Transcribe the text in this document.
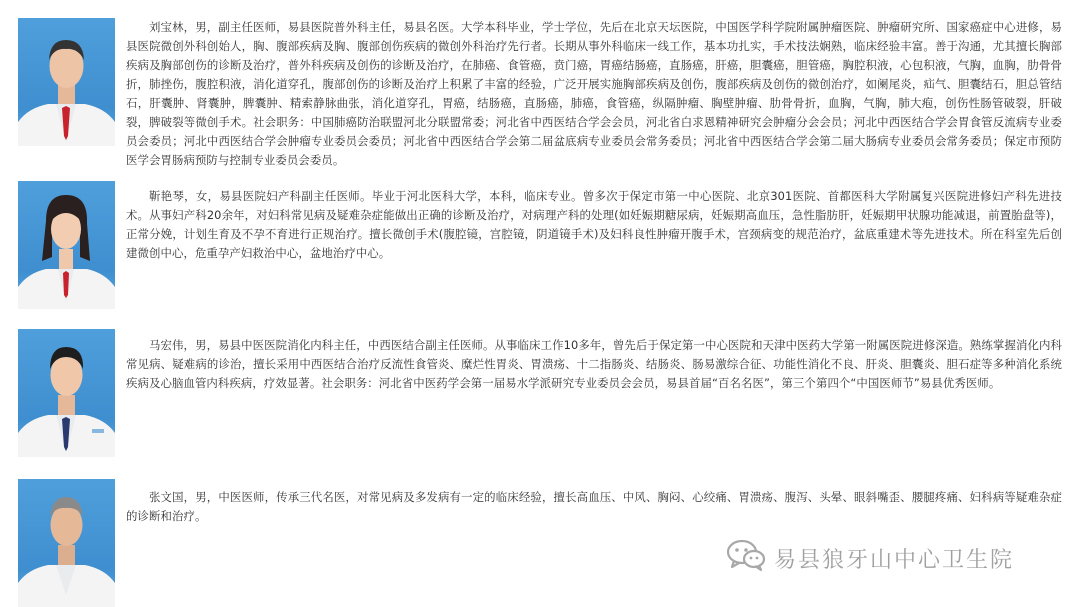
刘宝林，男，副主任医师，易县医院普外科主任，易县名医。大学本科毕业，学士学位，先后在北京天坛医院，中国医学科学院附属肿瘤医院、肿瘤研究所、国家癌症中心进修，易县医院微创外科创始人，胸、腹部疾病及胸、腹部创伤疾病的微创外科治疗先行者。长期从事外科临床一线工作，基本功扎实，手术技法娴熟，临床经验丰富。善于沟通，尤其擅长胸部疾病及胸部创伤的诊断及治疗，普外科疾病及创伤的诊断及治疗，在肺癌、食管癌，贲门癌，胃癌结肠癌，直肠癌，肝癌，胆囊癌，胆管癌，胸腔积液，心包积液，气胸，血胸，肋骨骨折，肺挫伤，腹腔积液，消化道穿孔，腹部创伤的诊断及治疗上积累了丰富的经验，广泛开展实施胸部疾病及创伤，腹部疾病及创伤的微创治疗，如阑尾炎，疝气、胆囊结石，胆总管结石，肝囊肿、肾囊肿，脾囊肿、精索静脉曲张，消化道穿孔，胃癌，结肠癌，直肠癌，肺癌，食管癌，纵隔肿瘤、胸壁肿瘤、肋骨骨折，血胸，气胸，肺大疱，创伤性肠管破裂，肝破裂，脾破裂等微创手术。社会职务：中国肺癌防治联盟河北分联盟常委；河北省中西医结合学会会员，河北省白求恩精神研究会肿瘤分会会员；河北中西医结合学会胃食管反流病专业委员会委员；河北中西医结合学会肿瘤专业委员会委员；河北省中西医结合学会第二届盆底病专业委员会常务委员；河北省中西医结合学会第二届大肠病专业委员会常务委员；保定市预防医学会胃肠病预防与控制专业委员会委员。

靳艳琴，女，易县医院妇产科副主任医师。毕业于河北医科大学，本科，临床专业。曾多次于保定市第一中心医院、北京301医院、首都医科大学附属复兴医院进修妇产科先进技术。从事妇产科20余年，对妇科常见病及疑难杂症能做出正确的诊断及治疗，对病理产科的处理(如妊娠期糖尿病，妊娠期高血压，急性脂肪肝，妊娠期甲状腺功能减退，前置胎盘等)，正常分娩，计划生育及不孕不育进行正规治疗。擅长微创手术(腹腔镜，宫腔镜，阴道镜手术)及妇科良性肿瘤开腹手术，宫颈病变的规范治疗，盆底重建术等先进技术。所在科室先后创建微创中心，危重孕产妇救治中心，盆地治疗中心。

马宏伟，男，易县中医医院消化内科主任，中西医结合副主任医师。从事临床工作10多年，曾先后于保定第一中心医院和天津中医药大学第一附属医院进修深造。熟练掌握消化内科常见病、疑难病的诊治，擅长采用中西医结合治疗反流性食管炎、糜烂性胃炎、胃溃疡、十二指肠炎、结肠炎、肠易激综合征、功能性消化不良、肝炎、胆囊炎、胆石症等多种消化系统疾病及心脑血管内科疾病，疗效显著。社会职务：河北省中医药学会第一届易水学派研究专业委员会会员，易县首届“百名名医”，第三个第四个“中国医师节”易县优秀医师。

张文国，男，中医医师，传承三代名医，对常见病及多发病有一定的临床经验，擅长高血压、中风、胸闷、心绞痛、胃溃疡、腹泻、头晕、眼斜嘴歪、腰腿疼痛、妇科病等疑难杂症的诊断和治疗。

易县狼牙山中心卫生院
